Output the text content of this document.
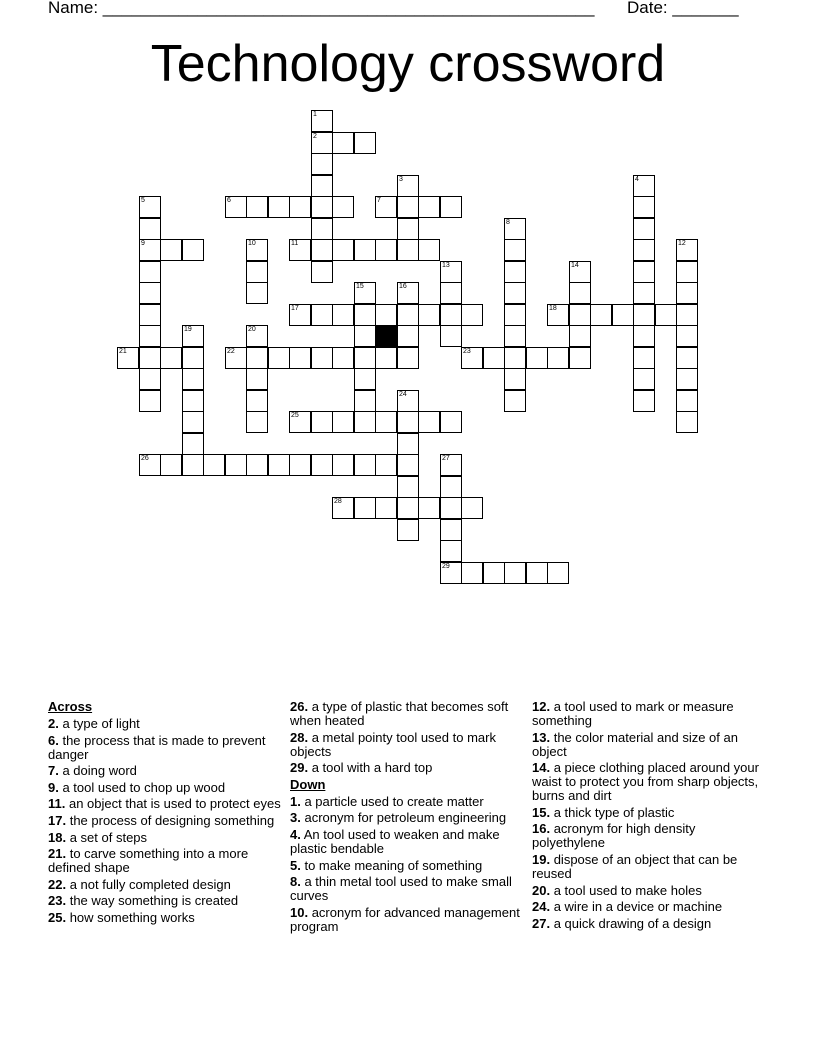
Name: ____________________________________________________ Date: _______
Technology crossword
1
2
3	4
5
9
6	7
8
10	11	12
13	14
15	16
17	18
19	20
21	22	23
24
25
26	27
29
28
Across
2. a type of light
6. the process that is made to prevent danger
7. a doing word
9. a tool used to chop up wood
11. an object that is used to protect eyes
17. the process of designing something
18. a set of steps
21. to carve something into a more defined shape
22. a not fully completed design
23. the way something is created
25. how something works
26. a type of plastic that becomes soft when heated
28. a metal pointy tool used to mark objects
29. a tool with a hard top
Down
1. a particle used to create matter
3. acronym for petroleum engineering
4. An tool used to weaken and make plastic bendable
5. to make meaning of something
8. a thin metal tool used to make small curves
10. acronym for advanced management program
12. a tool used to mark or measure something
13. the color material and size of an object
14. a piece clothing placed around your waist to protect you from sharp objects, burns and dirt
15. a thick type of plastic
16. acronym for high density polyethylene
19. dispose of an object that can be reused
20. a tool used to make holes
24. a wire in a device or machine
27. a quick drawing of a design
